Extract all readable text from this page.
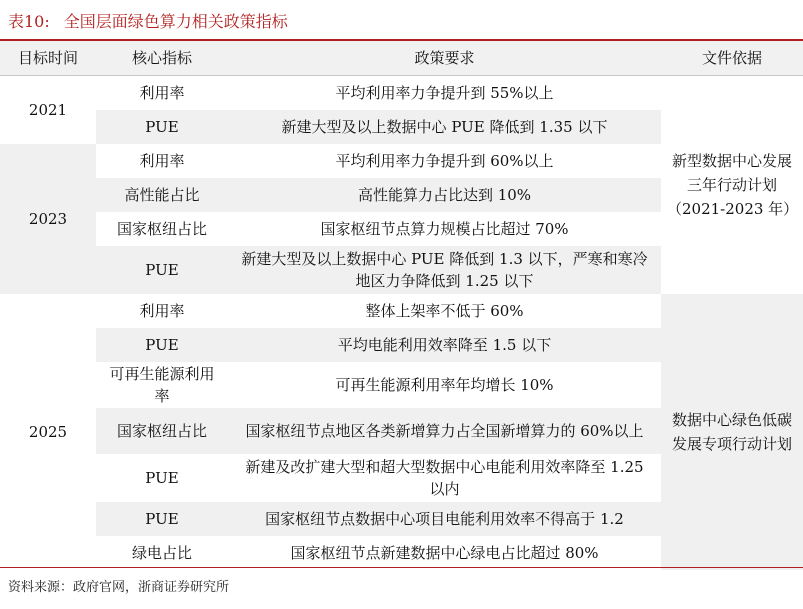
表10: 全国层面绿色算力相关政策指标
目标时间	核心指标	政策要求	文件依据
2021	利用率	平均利用率力争提升到 55%以上	新型数据中心发展三年行动计划（2021-2023 年）
	PUE	新建大型及以上数据中心 PUE 降低到 1.35 以下	
2023	利用率	平均利用率力争提升到 60%以上	
	高性能占比	高性能算力占比达到 10%	
	国家枢纽占比	国家枢纽节点算力规模占比超过 70%	
	PUE	新建大型及以上数据中心 PUE 降低到 1.3 以下，严寒和寒冷地区力争降低到 1.25 以下	
2025	利用率	整体上架率不低于 60%	数据中心绿色低碳发展专项行动计划
	PUE	平均电能利用效率降至 1.5 以下	
	可再生能源利用率	可再生能源利用率年均增长 10%	
	国家枢纽占比	国家枢纽节点地区各类新增算力占全国新增算力的 60%以上	
	PUE	新建及改扩建大型和超大型数据中心电能利用效率降至 1.25 以内	
	PUE	国家枢纽节点数据中心项目电能利用效率不得高于 1.2	
	绿电占比	国家枢纽节点新建数据中心绿电占比超过 80%	
资料来源：政府官网，浙商证券研究所
